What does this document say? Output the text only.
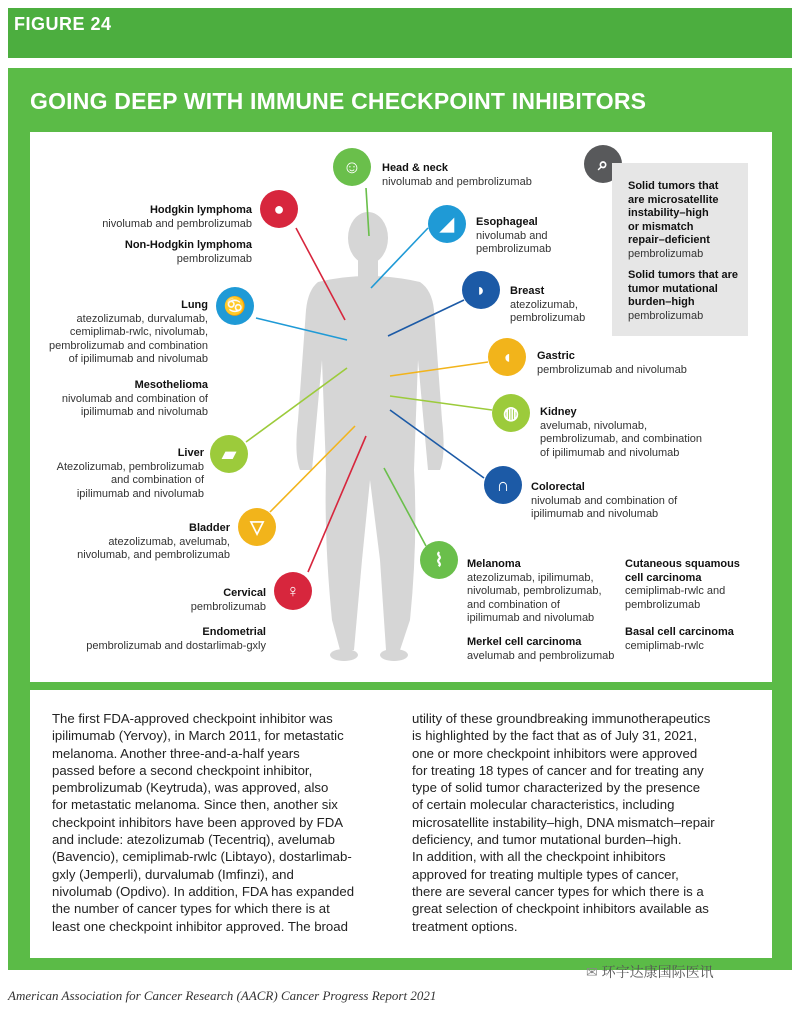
FIGURE 24
GOING DEEP WITH IMMUNE CHECKPOINT INHIBITORS
☺
●
◢
♋
◗
◖
◍
▰
∩
▽
⌇
♀
⌕
Solid tumors that
are microsatellite
instability–high
or mismatch
repair–deficient
pembrolizumab
Solid tumors that are
tumor mutational
burden–high
pembrolizumab
Head & neck
nivolumab and pembrolizumab
Hodgkin lymphoma
nivolumab and pembrolizumab
Non-Hodgkin lymphoma
pembrolizumab
Esophageal
nivolumab and
pembrolizumab
Lung
atezolizumab, durvalumab,
cemiplimab-rwlc, nivolumab,
pembrolizumab and combination
of ipilimumab and nivolumab
Breast
atezolizumab,
pembrolizumab
Mesothelioma
nivolumab and combination of
ipilimumab and nivolumab
Gastric
pembrolizumab and nivolumab
Kidney
avelumab, nivolumab,
pembrolizumab, and combination
of ipilimumab and nivolumab
Liver
Atezolizumab, pembrolizumab
and combination of
ipilimumab and nivolumab
Colorectal
nivolumab and combination of
ipilimumab and nivolumab
Bladder
atezolizumab, avelumab,
nivolumab, and pembrolizumab
Melanoma
atezolizumab, ipilimumab,
nivolumab, pembrolizumab,
and combination of
ipilimumab and nivolumab
Cutaneous squamous
cell carcinoma
cemiplimab-rwlc and
pembrolizumab
Cervical
pembrolizumab
Endometrial
pembrolizumab and dostarlimab-gxly	Merkel cell carcinoma
avelumab and pembrolizumab
Basal cell carcinoma
cemiplimab-rwlc
The first FDA-approved checkpoint inhibitor was
ipilimumab (Yervoy), in March 2011, for metastatic
melanoma. Another three-and-a-half years
passed before a second checkpoint inhibitor,
pembrolizumab (Keytruda), was approved, also
for metastatic melanoma. Since then, another six
checkpoint inhibitors have been approved by FDA
and include: atezolizumab (Tecentriq), avelumab
(Bavencio), cemiplimab-rwlc (Libtayo), dostarlimab-
gxly (Jemperli), durvalumab (Imfinzi), and
nivolumab (Opdivo). In addition, FDA has expanded
the number of cancer types for which there is at
least one checkpoint inhibitor approved. The broad
utility of these groundbreaking immunotherapeutics
is highlighted by the fact that as of July 31, 2021,
one or more checkpoint inhibitors were approved
for treating 18 types of cancer and for treating any
type of solid tumor characterized by the presence
of certain molecular characteristics, including
microsatellite instability–high, DNA mismatch–repair
deficiency, and tumor mutational burden–high.
In addition, with all the checkpoint inhibitors
approved for treating multiple types of cancer,
there are several cancer types for which there is a
great selection of checkpoint inhibitors available as
treatment options.
✉ 环宇达康国际医讯
American Association for Cancer Research (AACR) Cancer Progress Report 2021
